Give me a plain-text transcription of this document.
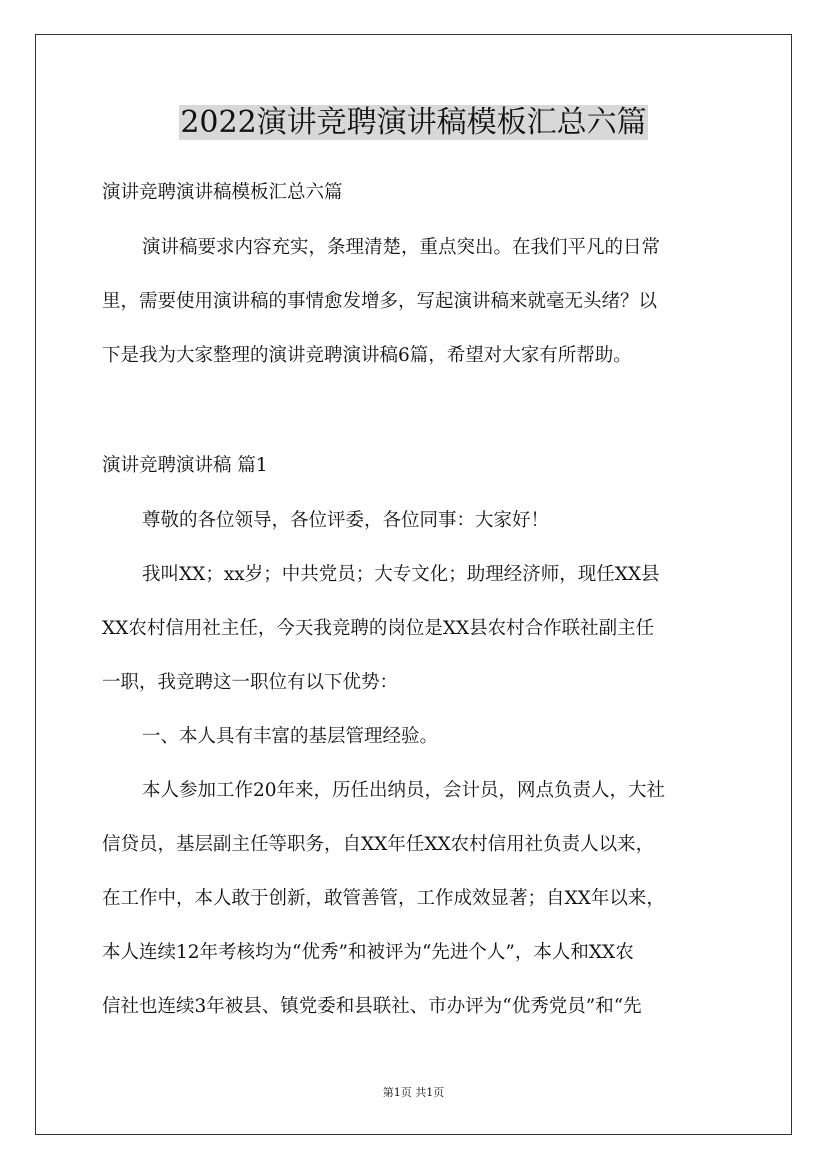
2022演讲竞聘演讲稿模板汇总六篇

演讲竞聘演讲稿模板汇总六篇

演讲稿要求内容充实，条理清楚，重点突出。在我们平凡的日常

里，需要使用演讲稿的事情愈发增多，写起演讲稿来就毫无头绪？以

下是我为大家整理的演讲竞聘演讲稿6篇，希望对大家有所帮助。

演讲竞聘演讲稿 篇1

尊敬的各位领导，各位评委，各位同事：大家好！

我叫XX；xx岁；中共党员；大专文化；助理经济师，现任XX县

XX农村信用社主任，今天我竞聘的岗位是XX县农村合作联社副主任

一职，我竞聘这一职位有以下优势：

一、本人具有丰富的基层管理经验。

本人参加工作20年来，历任出纳员，会计员，网点负责人，大社

信贷员，基层副主任等职务，自XX年任XX农村信用社负责人以来，

在工作中，本人敢于创新，敢管善管，工作成效显著；自XX年以来，

本人连续12年考核均为“优秀”和被评为“先进个人”，本人和XX农

信社也连续3年被县、镇党委和县联社、市办评为“优秀党员”和“先

第1页 共1页
